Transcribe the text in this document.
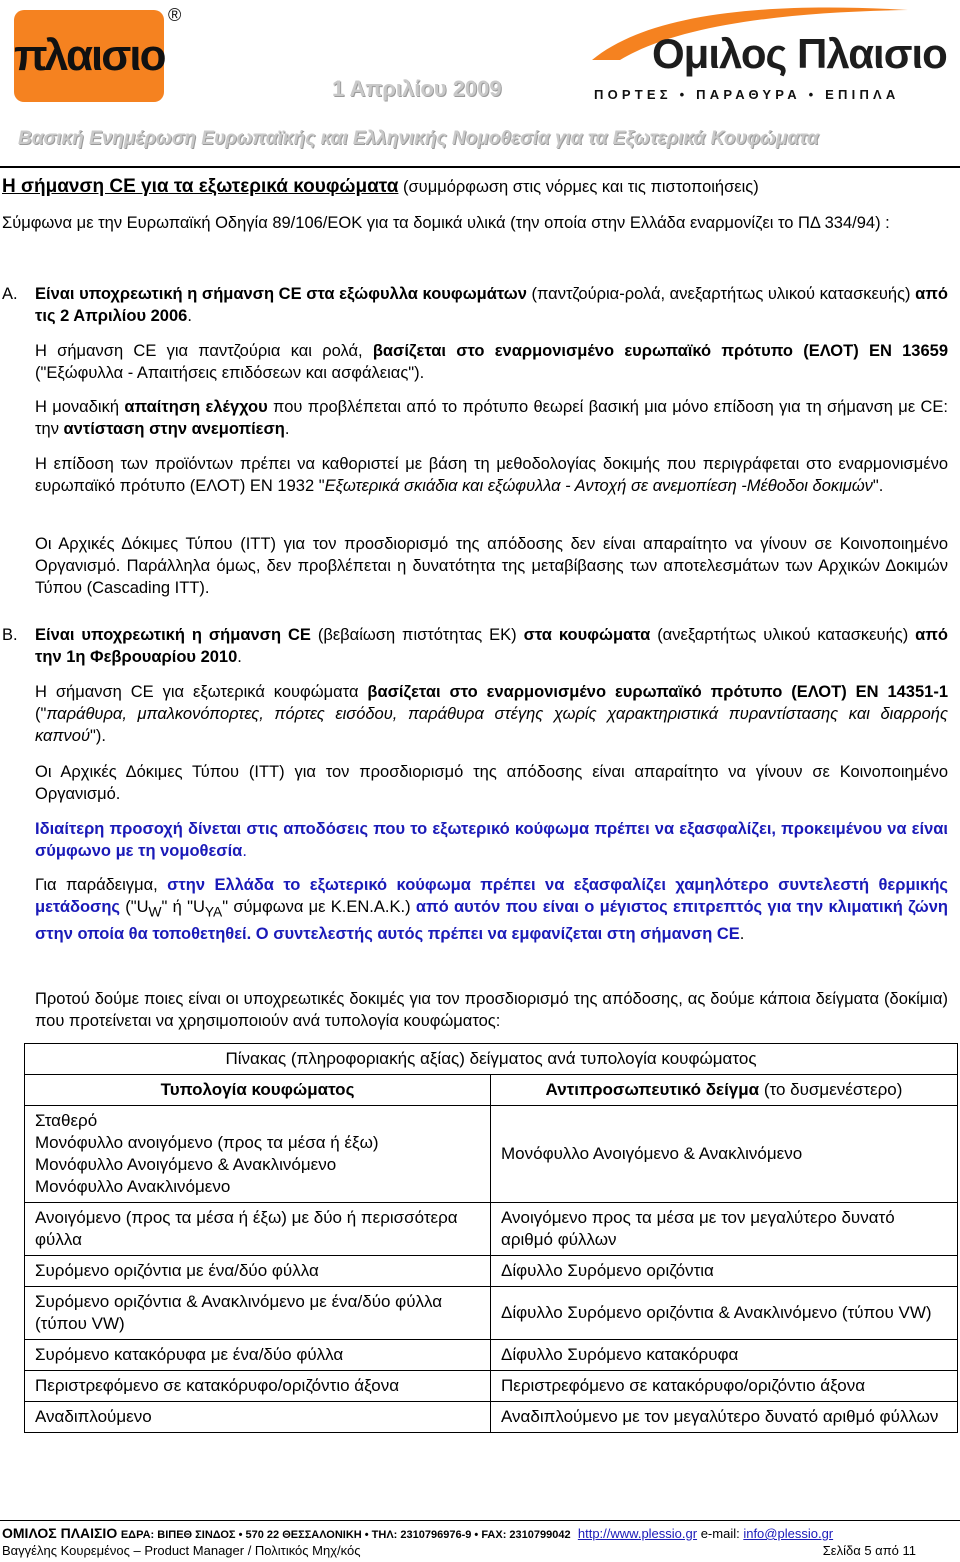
πλαισιο
®
1 Απριλίου 2009
Ομιλος Πλαισιο
ΠΟΡΤΕΣ • ΠΑΡΑΘΥΡΑ • ΕΠΙΠΛΑ
Βασική Ενημέρωση Ευρωπαϊκής και Ελληνικής Νομοθεσία για τα Εξωτερικά Κουφώματα
Η σήμανση CE για τα εξωτερικά κουφώματα (συμμόρφωση στις νόρμες και τις πιστοποιήσεις)
Σύμφωνα με την Ευρωπαϊκή Οδηγία 89/106/ΕΟΚ για τα δομικά υλικά (την οποία στην Ελλάδα εναρμονίζει το ΠΔ 334/94) :
Α. Είναι υποχρεωτική η σήμανση CE στα εξώφυλλα κουφωμάτων (παντζούρια-ρολά, ανεξαρτήτως υλικού κατασκευής) από τις 2 Απριλίου 2006.
Η σήμανση CE για παντζούρια και ρολά, βασίζεται στο εναρμονισμένο ευρωπαϊκό πρότυπο (ΕΛΟΤ) ΕΝ 13659 ("Εξώφυλλα - Απαιτήσεις επιδόσεων και ασφάλειας").
Η μοναδική απαίτηση ελέγχου που προβλέπεται από το πρότυπο θεωρεί βασική μια μόνο επίδοση για τη σήμανση με CE: την αντίσταση στην ανεμοπίεση.
Η επίδοση των προϊόντων πρέπει να καθοριστεί με βάση τη μεθοδολογίας δοκιμής που περιγράφεται στο εναρμονισμένο ευρωπαϊκό πρότυπο (ΕΛΟΤ) ΕΝ 1932 "Εξωτερικά σκιάδια και εξώφυλλα - Αντοχή σε ανεμοπίεση -Μέθοδοι δοκιμών".
Οι Αρχικές Δόκιμες Τύπου (ΙΤΤ) για τον προσδιορισμό της απόδοσης δεν είναι απαραίτητο να γίνουν σε Κοινοποιημένο Οργανισμό. Παράλληλα όμως, δεν προβλέπεται η δυνατότητα της μεταβίβασης των αποτελεσμάτων των Αρχικών Δοκιμών Τύπου (Cascading ITT).
Β. Είναι υποχρεωτική η σήμανση CE (βεβαίωση πιστότητας ΕΚ) στα κουφώματα (ανεξαρτήτως υλικού κατασκευής) από την 1η Φεβρουαρίου 2010.
Η σήμανση CE για εξωτερικά κουφώματα βασίζεται στο εναρμονισμένο ευρωπαϊκό πρότυπο (ΕΛΟΤ) ΕΝ 14351-1 ("παράθυρα, μπαλκονόπορτες, πόρτες εισόδου, παράθυρα στέγης χωρίς χαρακτηριστικά πυραντίστασης και διαρροής καπνού").
Οι Αρχικές Δόκιμες Τύπου (ΙΤΤ) για τον προσδιορισμό της απόδοσης είναι απαραίτητο να γίνουν σε Κοινοποιημένο Οργανισμό.
Ιδιαίτερη προσοχή δίνεται στις αποδόσεις που το εξωτερικό κούφωμα πρέπει να εξασφαλίζει, προκειμένου να είναι σύμφωνο με τη νομοθεσία.
Για παράδειγμα, στην Ελλάδα το εξωτερικό κούφωμα πρέπει να εξασφαλίζει χαμηλότερο συντελεστή θερμικής μετάδοσης ("$U_W$" ή "$U_{YA}$" σύμφωνα με Κ.ΕΝ.Α.Κ.) από αυτόν που είναι ο μέγιστος επιτρεπτός για την κλιματική ζώνη στην οποία θα τοποθετηθεί. Ο συντελεστής αυτός πρέπει να εμφανίζεται στη σήμανση CE.
Προτού δούμε ποιες είναι οι υποχρεωτικές δοκιμές για τον προσδιορισμό της απόδοσης, ας δούμε κάποια δείγματα (δοκίμια) που προτείνεται να χρησιμοποιούν ανά τυπολογία κουφώματος:
Πίνακας (πληροφοριακής αξίας) δείγματος ανά τυπολογία κουφώματος	
Τυπολογία κουφώματος	Αντιπροσωπευτικό δείγμα (το δυσμενέστερο)

Σταθερό
Μονόφυλλο ανοιγόμενο (προς τα μέσα ή έξω)
Μονόφυλλο Ανοιγόμενο & Ανακλινόμενο
Μονόφυλλο Ανακλινόμενο	Μονόφυλλο Ανοιγόμενο & Ανακλινόμενο

Ανοιγόμενο (προς τα μέσα ή έξω) με δύο ή περισσότερα φύλλα	Ανοιγόμενο προς τα μέσα με τον μεγαλύτερο δυνατό αριθμό φύλλων

Συρόμενο οριζόντια με ένα/δύο φύλλα	Δίφυλλο Συρόμενο οριζόντια

Συρόμενο οριζόντια & Ανακλινόμενο με ένα/δύο φύλλα (τύπου VW)	Δίφυλλο Συρόμενο οριζόντια & Ανακλινόμενο (τύπου VW)

Συρόμενο κατακόρυφα με ένα/δύο φύλλα	Δίφυλλο Συρόμενο κατακόρυφα

Περιστρεφόμενο σε κατακόρυφο/οριζόντιο άξονα	Περιστρεφόμενο σε κατακόρυφο/οριζόντιο άξονα

Αναδιπλούμενο	Αναδιπλούμενο με τον μεγαλύτερο δυνατό αριθμό φύλλων
ΟΜΙΛΟΣ ΠΛΑΙΣΙΟ ΕΔΡΑ: ΒΙΠΕΘ ΣΙΝΔΟΣ • 570 22 ΘΕΣΣΑΛΟΝΙΚΗ • ΤΗΛ: 2310796976-9 • FAX: 2310799042 http://www.plessio.gr e-mail: info@plessio.gr
Βαγγέλης Κουρεμένος – Product Manager / Πολιτικός Μηχ/κός	Σελίδα 5 από 11
